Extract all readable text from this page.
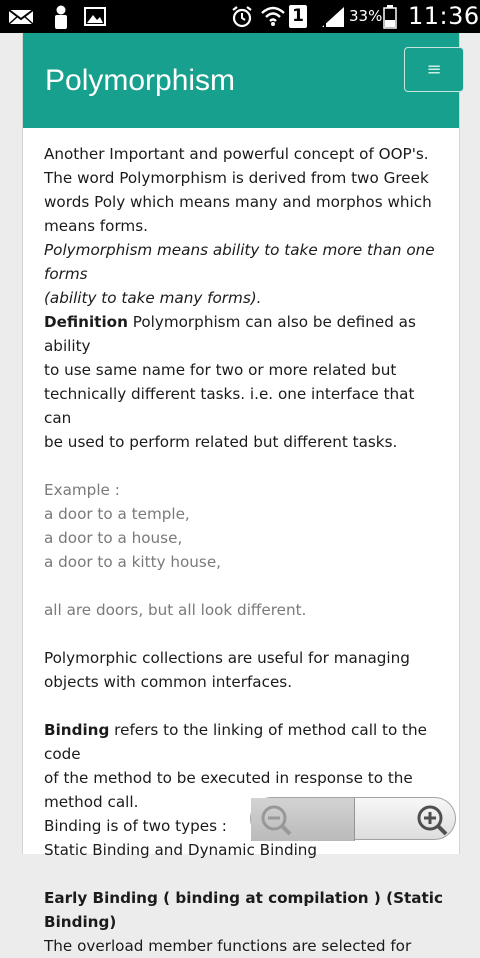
1	33% 11:36
Polymorphism	≡

Another Important and powerful concept of OOP's.

The word Polymorphism is derived from two Greek

words Poly which means many and morphos which

means forms.

Polymorphism means ability to take more than one forms

(ability to take many forms).

Definition Polymorphism can also be defined as ability

to use same name for two or more related but

technically different tasks. i.e. one interface that can

be used to perform related but different tasks.

Example :

a door to a temple,

a door to a house,

a door to a kitty house,

all are doors, but all look different.

Polymorphic collections are useful for managing

objects with common interfaces.

Binding refers to the linking of method call to the code

of the method to be executed in response to the

method call.

Binding is of two types :

Static Binding and Dynamic Binding

Early Binding ( binding at compilation ) (Static

Binding)

The overload member functions are selected for
